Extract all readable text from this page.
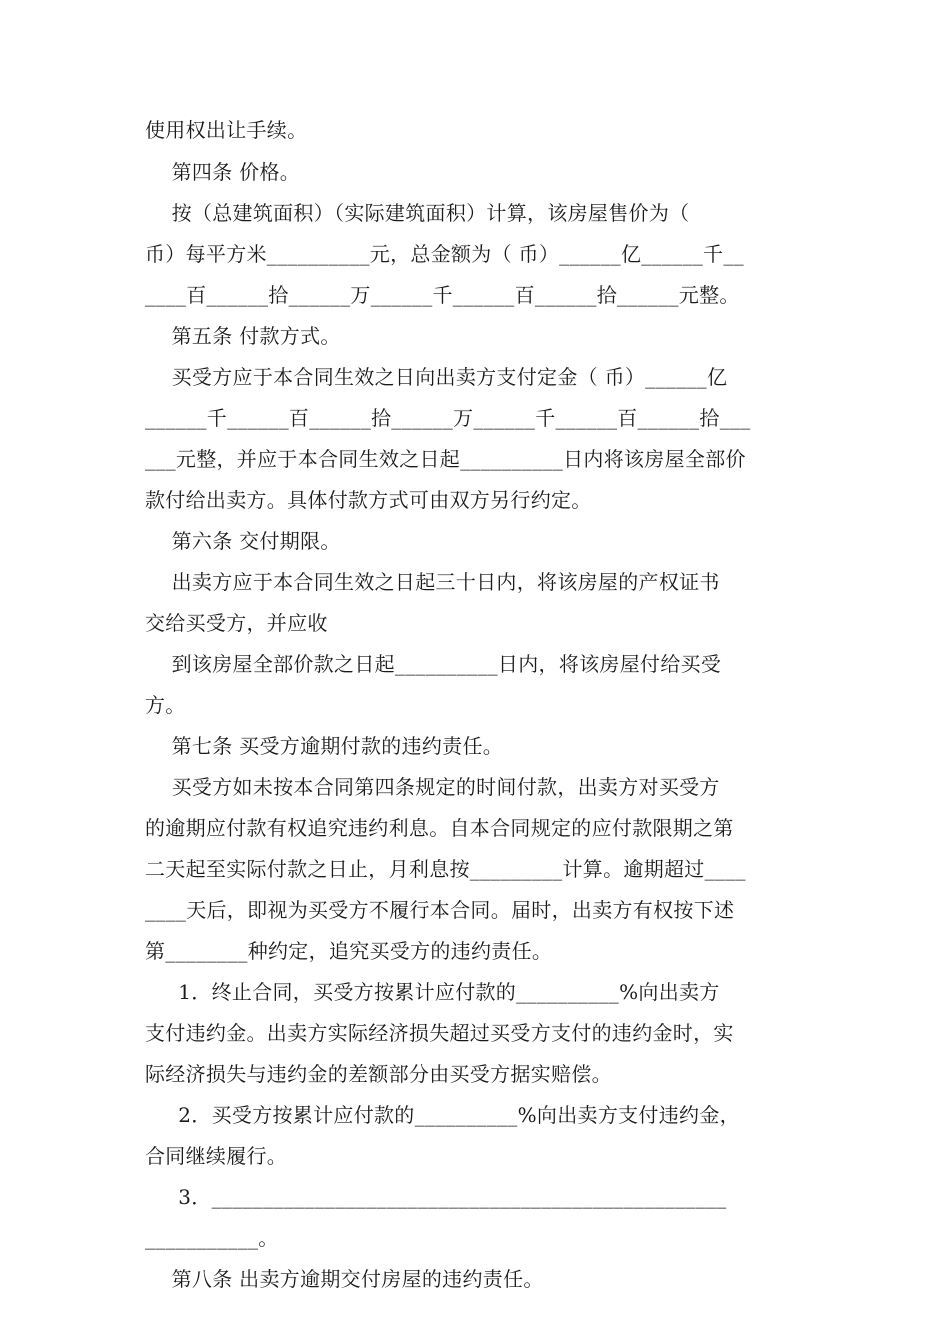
使用权出让手续。
第四条 价格。
按（总建筑面积）（实际建筑面积）计算，该房屋售价为（
币）每平方米__________元，总金额为（ 币）______亿______千__
____百______拾______万______千______百______拾______元整。
第五条 付款方式。
买受方应于本合同生效之日向出卖方支付定金（ 币）______亿
______千______百______拾______万______千______百______拾___
___元整，并应于本合同生效之日起__________日内将该房屋全部价
款付给出卖方。具体付款方式可由双方另行约定。
第六条 交付期限。
出卖方应于本合同生效之日起三十日内，将该房屋的产权证书
交给买受方，并应收
到该房屋全部价款之日起__________日内，将该房屋付给买受
方。
第七条 买受方逾期付款的违约责任。
买受方如未按本合同第四条规定的时间付款，出卖方对买受方
的逾期应付款有权追究违约利息。自本合同规定的应付款限期之第
二天起至实际付款之日止，月利息按_________计算。逾期超过____
____天后，即视为买受方不履行本合同。届时，出卖方有权按下述
第________种约定，追究买受方的违约责任。
1．终止合同，买受方按累计应付款的__________%向出卖方
支付违约金。出卖方实际经济损失超过买受方支付的违约金时，实
际经济损失与违约金的差额部分由买受方据实赔偿。
2．买受方按累计应付款的__________%向出卖方支付违约金，
合同继续履行。
3．__________________________________________________
___________。
第八条 出卖方逾期交付房屋的违约责任。
